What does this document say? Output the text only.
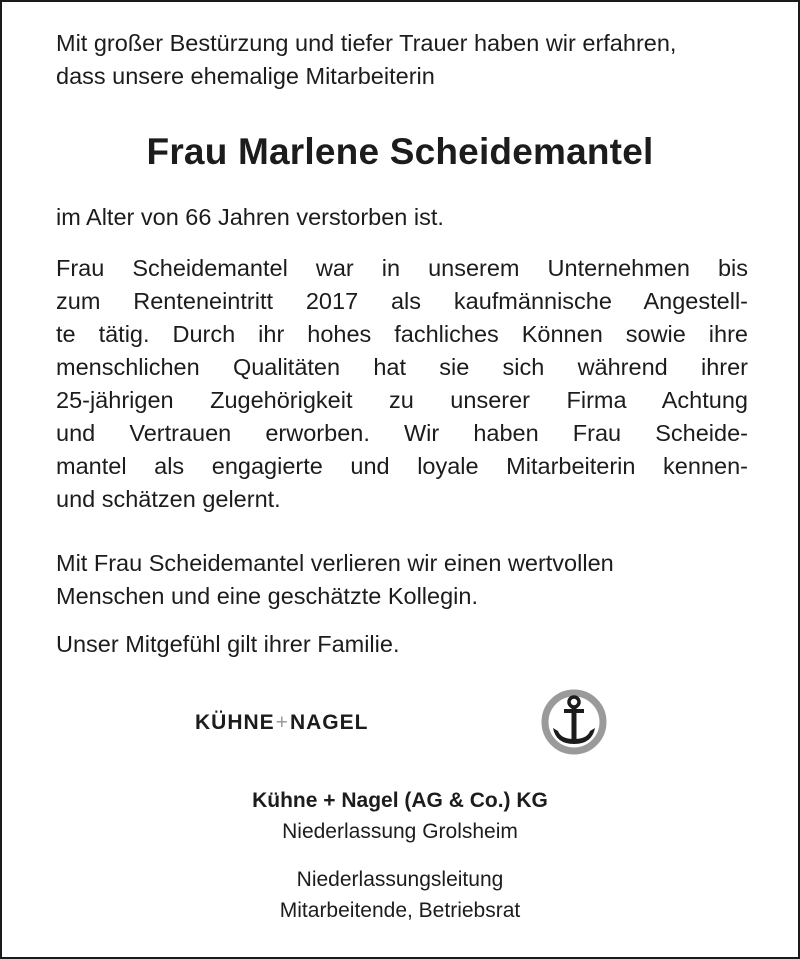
Mit großer Bestürzung und tiefer Trauer haben wir erfahren,
dass unsere ehemalige Mitarbeiterin
Frau Marlene Scheidemantel
im Alter von 66 Jahren verstorben ist.
Frau Scheidemantel war in unserem Unternehmen bis
zum Renteneintritt 2017 als kaufmännische Angestell-
te tätig. Durch ihr hohes fachliches Können sowie ihre
menschlichen Qualitäten hat sie sich während ihrer
25-jährigen Zugehörigkeit zu unserer Firma Achtung
und Vertrauen erworben. Wir haben Frau Scheide-
mantel als engagierte und loyale Mitarbeiterin kennen-
und schätzen gelernt.
Mit Frau Scheidemantel verlieren wir einen wertvollen
Menschen und eine geschätzte Kollegin.
Unser Mitgefühl gilt ihrer Familie.
KÜHNE+NAGEL
Kühne + Nagel (AG & Co.) KG
Niederlassung Grolsheim
Niederlassungsleitung
Mitarbeitende, Betriebsrat
